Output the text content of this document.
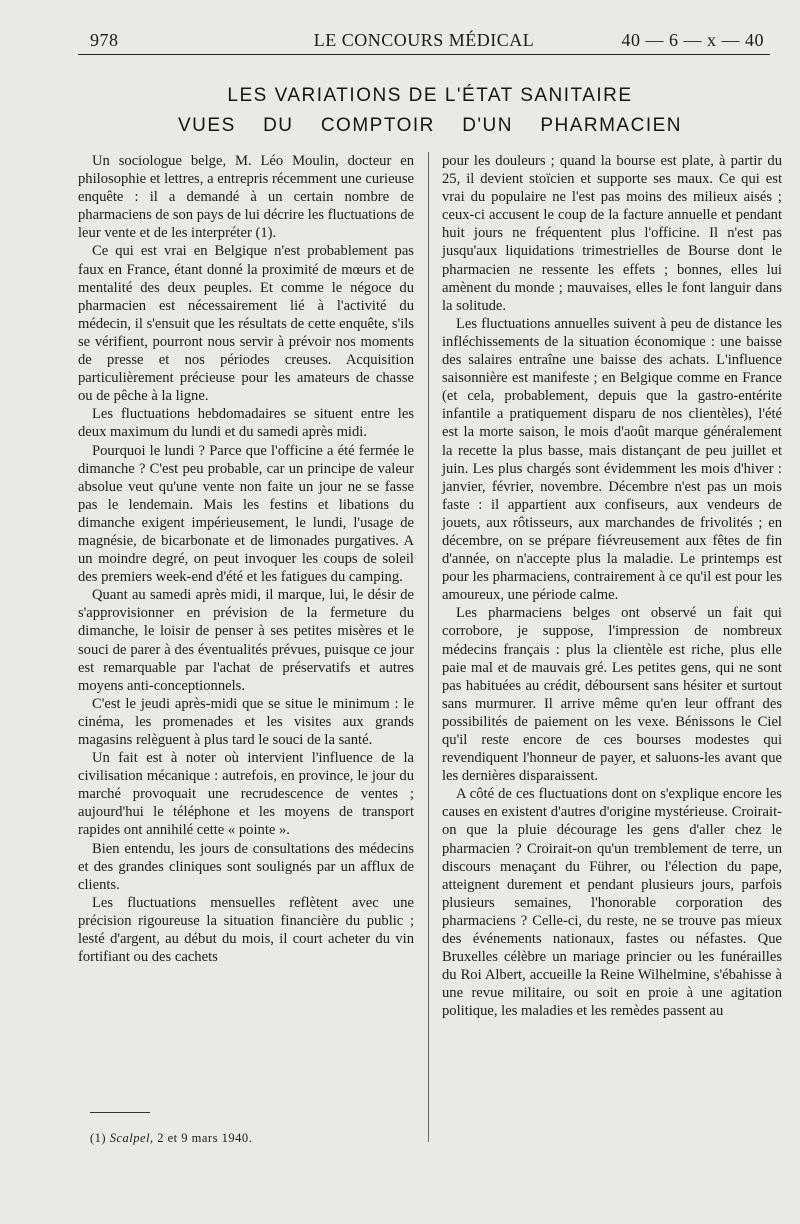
978	LE CONCOURS MÉDICAL	40 — 6 — x — 40
LES VARIATIONS DE L'ÉTAT SANITAIRE
VUES DU COMPTOIR D'UN PHARMACIEN

Un sociologue belge, M. Léo Moulin, docteur en philosophie et lettres, a entrepris récemment une curieuse enquête : il a demandé à un certain nombre de pharmaciens de son pays de lui décrire les fluctuations de leur vente et de les interpréter (1).

Ce qui est vrai en Belgique n'est probablement pas faux en France, étant donné la proximité de mœurs et de mentalité des deux peuples. Et comme le négoce du pharmacien est nécessairement lié à l'activité du médecin, il s'ensuit que les résultats de cette enquête, s'ils se vérifient, pourront nous servir à prévoir nos moments de presse et nos périodes creuses. Acquisition particulièrement précieuse pour les amateurs de chasse ou de pêche à la ligne.

Les fluctuations hebdomadaires se situent entre les deux maximum du lundi et du samedi après midi.

Pourquoi le lundi ? Parce que l'officine a été fermée le dimanche ? C'est peu probable, car un principe de valeur absolue veut qu'une vente non faite un jour ne se fasse pas le lendemain. Mais les festins et libations du dimanche exigent impérieusement, le lundi, l'usage de magnésie, de bicarbonate et de limonades purgatives. A un moindre degré, on peut invoquer les coups de soleil des premiers week-end d'été et les fatigues du camping.

Quant au samedi après midi, il marque, lui, le désir de s'approvisionner en prévision de la fermeture du dimanche, le loisir de penser à ses petites misères et le souci de parer à des éventualités prévues, puisque ce jour est remarquable par l'achat de préservatifs et autres moyens anti-conceptionnels.

C'est le jeudi après-midi que se situe le minimum : le cinéma, les promenades et les visites aux grands magasins relèguent à plus tard le souci de la santé.

Un fait est à noter où intervient l'influence de la civilisation mécanique : autrefois, en province, le jour du marché provoquait une recrudescence de ventes ; aujourd'hui le téléphone et les moyens de transport rapides ont annihilé cette « pointe ».

Bien entendu, les jours de consultations des médecins et des grandes cliniques sont soulignés par un afflux de clients.

Les fluctuations mensuelles reflètent avec une précision rigoureuse la situation financière du public ; lesté d'argent, au début du mois, il court acheter du vin fortifiant ou des cachets

pour les douleurs ; quand la bourse est plate, à partir du 25, il devient stoïcien et supporte ses maux. Ce qui est vrai du populaire ne l'est pas moins des milieux aisés ; ceux-ci accusent le coup de la facture annuelle et pendant huit jours ne fréquentent plus l'officine. Il n'est pas jusqu'aux liquidations trimestrielles de Bourse dont le pharmacien ne ressente les effets ; bonnes, elles lui amènent du monde ; mauvaises, elles le font languir dans la solitude.

Les fluctuations annuelles suivent à peu de distance les infléchissements de la situation économique : une baisse des salaires entraîne une baisse des achats. L'influence saisonnière est manifeste ; en Belgique comme en France (et cela, probablement, depuis que la gastro-entérite infantile a pratiquement disparu de nos clientèles), l'été est la morte saison, le mois d'août marque généralement la recette la plus basse, mais distançant de peu juillet et juin. Les plus chargés sont évidemment les mois d'hiver : janvier, février, novembre. Décembre n'est pas un mois faste : il appartient aux confiseurs, aux vendeurs de jouets, aux rôtisseurs, aux marchandes de frivolités ; en décembre, on se prépare fiévreusement aux fêtes de fin d'année, on n'accepte plus la maladie. Le printemps est pour les pharmaciens, contrairement à ce qu'il est pour les amoureux, une période calme.

Les pharmaciens belges ont observé un fait qui corrobore, je suppose, l'impression de nombreux médecins français : plus la clientèle est riche, plus elle paie mal et de mauvais gré. Les petites gens, qui ne sont pas habituées au crédit, déboursent sans hésiter et surtout sans murmurer. Il arrive même qu'en leur offrant des possibilités de paiement on les vexe. Bénissons le Ciel qu'il reste encore de ces bourses modestes qui revendiquent l'honneur de payer, et saluons-les avant que les dernières disparaissent.

A côté de ces fluctuations dont on s'explique encore les causes en existent d'autres d'origine mystérieuse. Croirait-on que la pluie décourage les gens d'aller chez le pharmacien ? Croirait-on qu'un tremblement de terre, un discours menaçant du Führer, ou l'élection du pape, atteignent durement et pendant plusieurs jours, parfois plusieurs semaines, l'honorable corporation des pharmaciens ? Celle-ci, du reste, ne se trouve pas mieux des événements nationaux, fastes ou néfastes. Que Bruxelles célèbre un mariage princier ou les funérailles du Roi Albert, accueille la Reine Wilhelmine, s'ébahisse à une revue militaire, ou soit en proie à une agitation politique, les maladies et les remèdes passent au

(1) Scalpel, 2 et 9 mars 1940.
